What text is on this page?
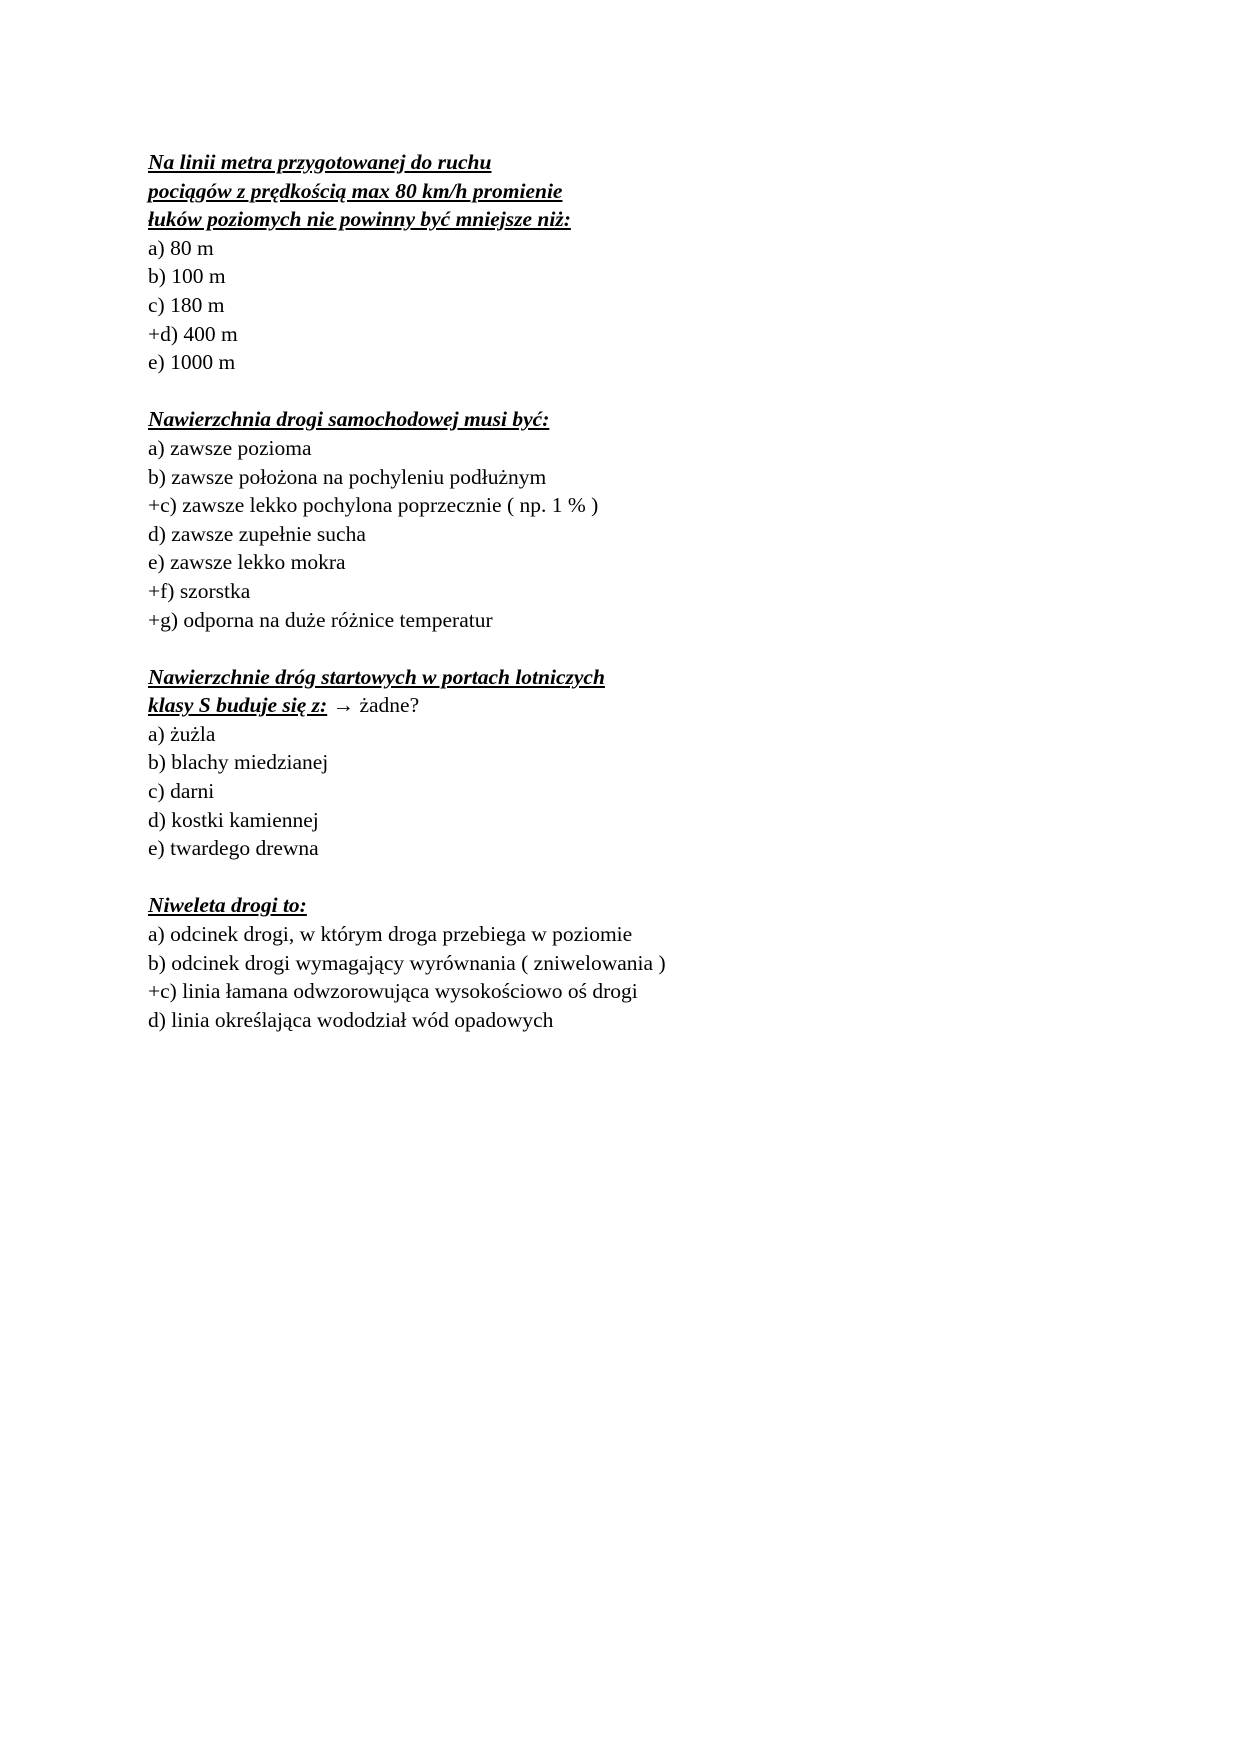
Na linii metra przygotowanej do ruchu
pociągów z prędkością max 80 km/h promienie
łuków poziomych nie powinny być mniejsze niż:
a) 80 m
b) 100 m
c) 180 m
+d) 400 m
e) 1000 m
Nawierzchnia drogi samochodowej musi być:
a) zawsze pozioma
b) zawsze położona na pochyleniu podłużnym
+c) zawsze lekko pochylona poprzecznie ( np. 1 % )
d) zawsze zupełnie sucha
e) zawsze lekko mokra
+f) szorstka
+g) odporna na duże różnice temperatur
Nawierzchnie dróg startowych w portach lotniczych
klasy S buduje się z: → żadne?
a) żużla
b) blachy miedzianej
c) darni
d) kostki kamiennej
e) twardego drewna
Niweleta drogi to:
a) odcinek drogi, w którym droga przebiega w poziomie
b) odcinek drogi wymagający wyrównania ( zniwelowania )
+c) linia łamana odwzorowująca wysokościowo oś drogi
d) linia określająca wododział wód opadowych
